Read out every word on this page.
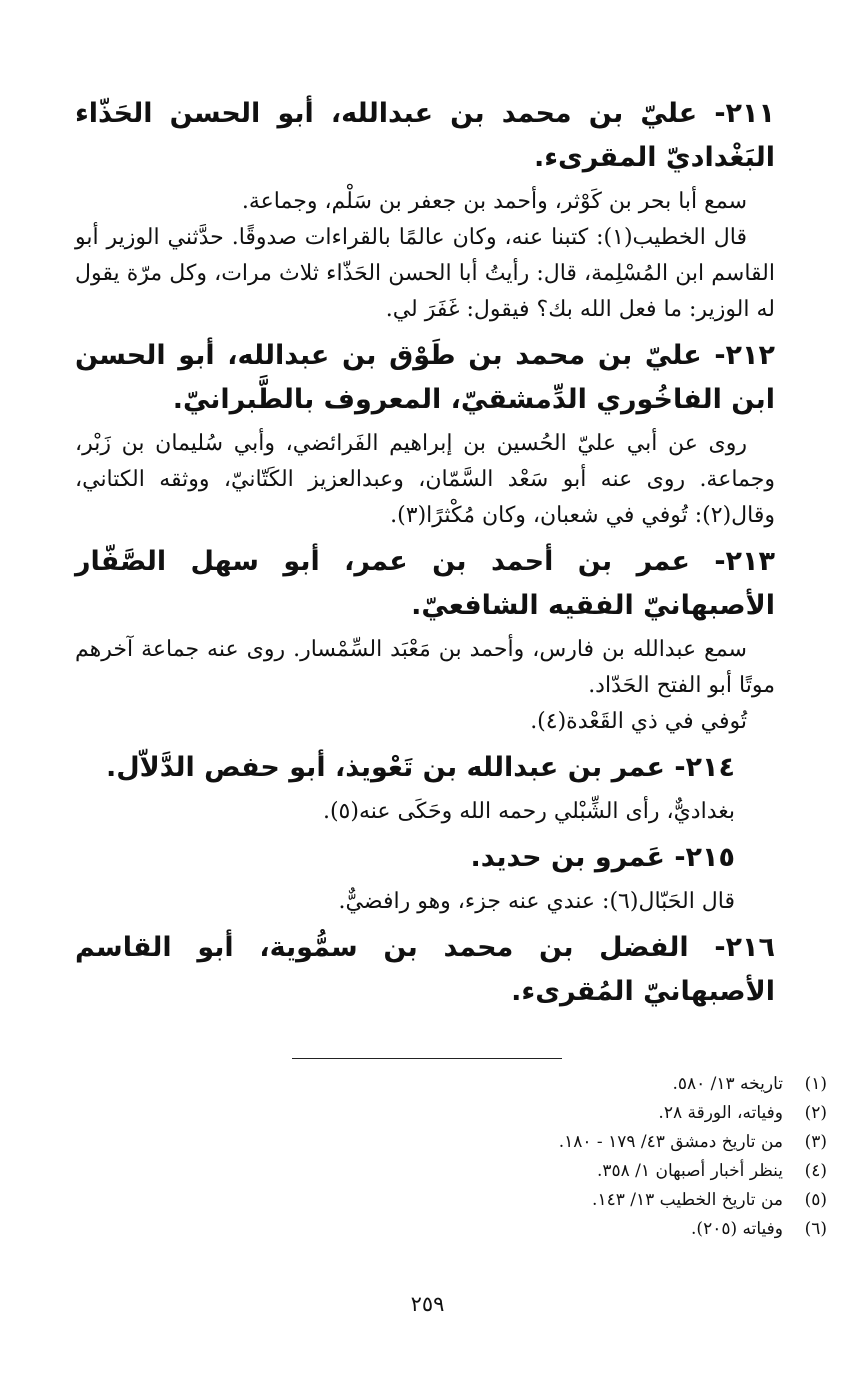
٢١١- عليّ بن محمد بن عبدالله، أبو الحسن الحَذّاء البَغْداديّ المقرىء.

سمع أبا بحر بن كَوْثر، وأحمد بن جعفر بن سَلْم، وجماعة.
قال الخطيب(١): كتبنا عنه، وكان عالمًا بالقراءات صدوقًا. حدَّثني الوزير أبو القاسم ابن المُسْلِمة، قال: رأيتُ أبا الحسن الحَذّاء ثلاث مرات، وكل مرّة يقول له الوزير: ما فعل الله بك؟ فيقول: غَفَرَ لي.

٢١٢- عليّ بن محمد بن طَوْق بن عبدالله، أبو الحسن ابن الفاخُوري الدِّمشقيّ، المعروف بالطَّبرانيّ.

روى عن أبي عليّ الحُسين بن إبراهيم الفَرائضي، وأبي سُليمان بن زَبْر، وجماعة. روى عنه أبو سَعْد السَّمّان، وعبدالعزيز الكَتّانيّ، ووثقه الكتاني، وقال(٢): تُوفي في شعبان، وكان مُكْثرًا(٣).

٢١٣- عمر بن أحمد بن عمر، أبو سهل الصَّفّار الأصبهانيّ الفقيه الشافعيّ.

سمع عبدالله بن فارس، وأحمد بن مَعْبَد السِّمْسار. روى عنه جماعة آخرهم موتًا أبو الفتح الحَدّاد.
تُوفي في ذي القَعْدة(٤).

٢١٤- عمر بن عبدالله بن تَعْويذ، أبو حفص الدَّلاّل.

بغداديٌّ، رأى الشِّبْلي رحمه الله وحَكَى عنه(٥).

٢١٥- عَمرو بن حديد.

قال الحَبّال(٦): عندي عنه جزء، وهو رافضيٌّ.

٢١٦- الفضل بن محمد بن سمُّوية، أبو القاسم الأصبهانيّ المُقرىء.
(١)
تاريخه ١٣/ ٥٨٠.
(٢)
وفياته، الورقة ٢٨.
(٣)
من تاريخ دمشق ٤٣/ ١٧٩ - ١٨٠.
(٤)
ينظر أخبار أصبهان ١/ ٣٥٨.
(٥)
من تاريخ الخطيب ١٣/ ١٤٣.
(٦)
وفياته (٢٠٥).
٢٥٩
